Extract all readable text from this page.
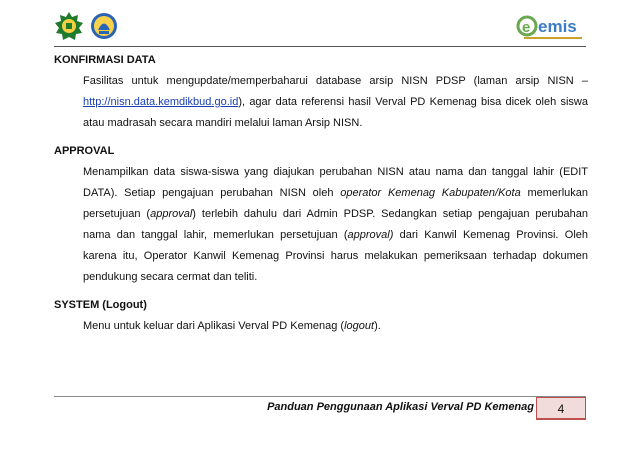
e emis

KONFIRMASI DATA

Fasilitas untuk mengupdate/memperbaharui database arsip NISN PDSP (laman arsip NISN – http://nisn.data.kemdikbud.go.id), agar data referensi hasil Verval PD Kemenag bisa dicek oleh siswa atau madrasah secara mandiri melalui laman Arsip NISN.

APPROVAL

Menampilkan data siswa-siswa yang diajukan perubahan NISN atau nama dan tanggal lahir (EDIT DATA). Setiap pengajuan perubahan NISN oleh operator Kemenag Kabupaten/Kota memerlukan persetujuan (approval) terlebih dahulu dari Admin PDSP. Sedangkan setiap pengajuan perubahan nama dan tanggal lahir, memerlukan persetujuan (approval) dari Kanwil Kemenag Provinsi. Oleh karena itu, Operator Kanwil Kemenag Provinsi harus melakukan pemeriksaan terhadap dokumen pendukung secara cermat dan teliti.

SYSTEM (Logout)

Menu untuk keluar dari Aplikasi Verval PD Kemenag (logout).

Panduan Penggunaan Aplikasi Verval PD Kemenag	4
